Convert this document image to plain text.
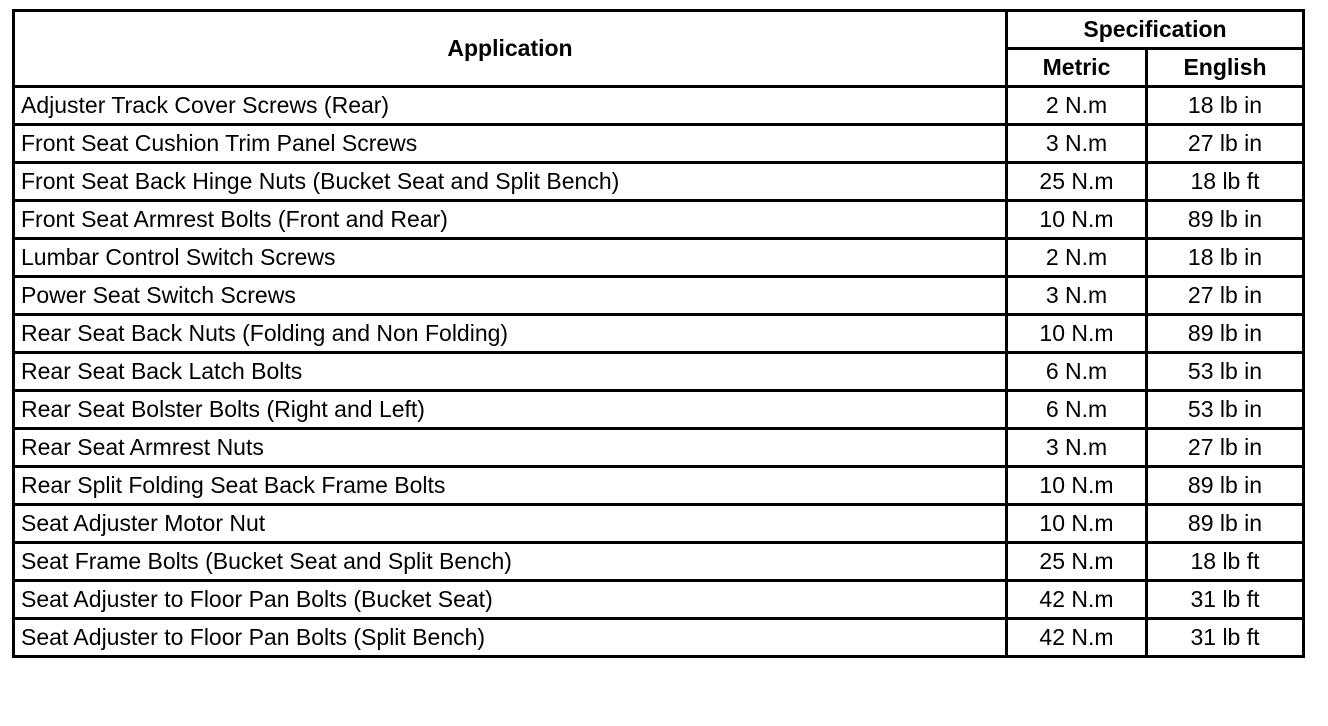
Application	Specification	
	Metric	English
Adjuster Track Cover Screws (Rear)	2 N.m	18 lb in
Front Seat Cushion Trim Panel Screws	3 N.m	27 lb in
Front Seat Back Hinge Nuts (Bucket Seat and Split Bench)	25 N.m	18 lb ft
Front Seat Armrest Bolts (Front and Rear)	10 N.m	89 lb in
Lumbar Control Switch Screws	2 N.m	18 lb in
Power Seat Switch Screws	3 N.m	27 lb in
Rear Seat Back Nuts (Folding and Non Folding)	10 N.m	89 lb in
Rear Seat Back Latch Bolts	6 N.m	53 lb in
Rear Seat Bolster Bolts (Right and Left)	6 N.m	53 lb in
Rear Seat Armrest Nuts	3 N.m	27 lb in
Rear Split Folding Seat Back Frame Bolts	10 N.m	89 lb in
Seat Adjuster Motor Nut	10 N.m	89 lb in
Seat Frame Bolts (Bucket Seat and Split Bench)	25 N.m	18 lb ft
Seat Adjuster to Floor Pan Bolts (Bucket Seat)	42 N.m	31 lb ft
Seat Adjuster to Floor Pan Bolts (Split Bench)	42 N.m	31 lb ft
